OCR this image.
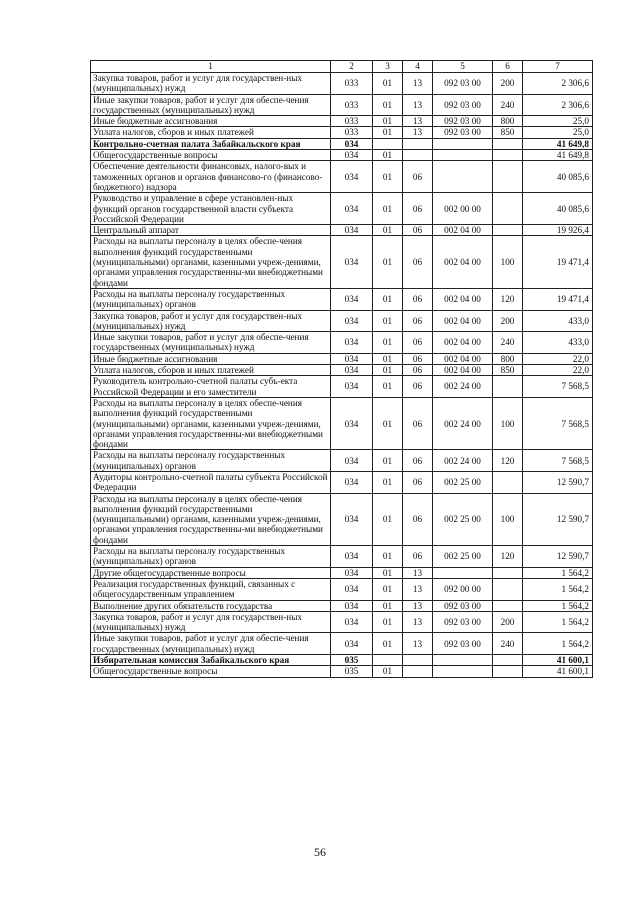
1	2	3	4	5	6	7
Закупка товаров, работ и услуг для государствен-ных (муниципальных) нужд	033	01	13	092 03 00	200	2 306,6
Иные закупки товаров, работ и услуг для обеспе-чения государственных (муниципальных) нужд	033	01	13	092 03 00	240	2 306,6
Иные бюджетные ассигнования	033	01	13	092 03 00	800	25,0
Уплата налогов, сборов и иных платежей	033	01	13	092 03 00	850	25,0
Контрольно-счетная палата Забайкальского края	034					41 649,8
Общегосударственные вопросы	034	01				41 649,8
Обеспечение деятельности финансовых, налого-вых и таможенных органов и органов финансово-го (финансово-бюджетного) надзора	034	01	06			40 085,6
Руководство и управление в сфере установлен-ных функций органов государственной власти субъекта Российской Федерации	034	01	06	002 00 00		40 085,6
Центральный аппарат	034	01	06	002 04 00		19 926,4
Расходы на выплаты персоналу в целях обеспе-чения выполнения функций государственными (муниципальными) органами, казенными учреж-дениями, органами управления государственны-ми внебюджетными фондами	034	01	06	002 04 00	100	19 471,4
Расходы на выплаты персоналу государственных (муниципальных) органов	034	01	06	002 04 00	120	19 471,4
Закупка товаров, работ и услуг для государствен-ных (муниципальных) нужд	034	01	06	002 04 00	200	433,0
Иные закупки товаров, работ и услуг для обеспе-чения государственных (муниципальных) нужд	034	01	06	002 04 00	240	433,0
Иные бюджетные ассигнования	034	01	06	002 04 00	800	22,0
Уплата налогов, сборов и иных платежей	034	01	06	002 04 00	850	22,0
Руководитель контрольно-счетной палаты субъ-екта Российской Федерации и его заместители	034	01	06	002 24 00		7 568,5
Расходы на выплаты персоналу в целях обеспе-чения выполнения функций государственными (муниципальными) органами, казенными учреж-дениями, органами управления государственны-ми внебюджетными фондами	034	01	06	002 24 00	100	7 568,5
Расходы на выплаты персоналу государственных (муниципальных) органов	034	01	06	002 24 00	120	7 568,5
Аудиторы контрольно-счетной палаты субъекта Российской Федерации	034	01	06	002 25 00		12 590,7
Расходы на выплаты персоналу в целях обеспе-чения выполнения функций государственными (муниципальными) органами, казенными учреж-дениями, органами управления государственны-ми внебюджетными фондами	034	01	06	002 25 00	100	12 590,7
Расходы на выплаты персоналу государственных (муниципальных) органов	034	01	06	002 25 00	120	12 590,7
Другие общегосударственные вопросы	034	01	13			1 564,2
Реализация государственных функций, связанных с общегосударственным управлением	034	01	13	092 00 00		1 564,2
Выполнение других обязательств государства	034	01	13	092 03 00		1 564,2
Закупка товаров, работ и услуг для государствен-ных (муниципальных) нужд	034	01	13	092 03 00	200	1 564,2
Иные закупки товаров, работ и услуг для обеспе-чения государственных (муниципальных) нужд	034	01	13	092 03 00	240	1 564,2
Избирательная комиссия Забайкальского края	035					41 600,1
Общегосударственные вопросы	035	01				41 600,1
56
